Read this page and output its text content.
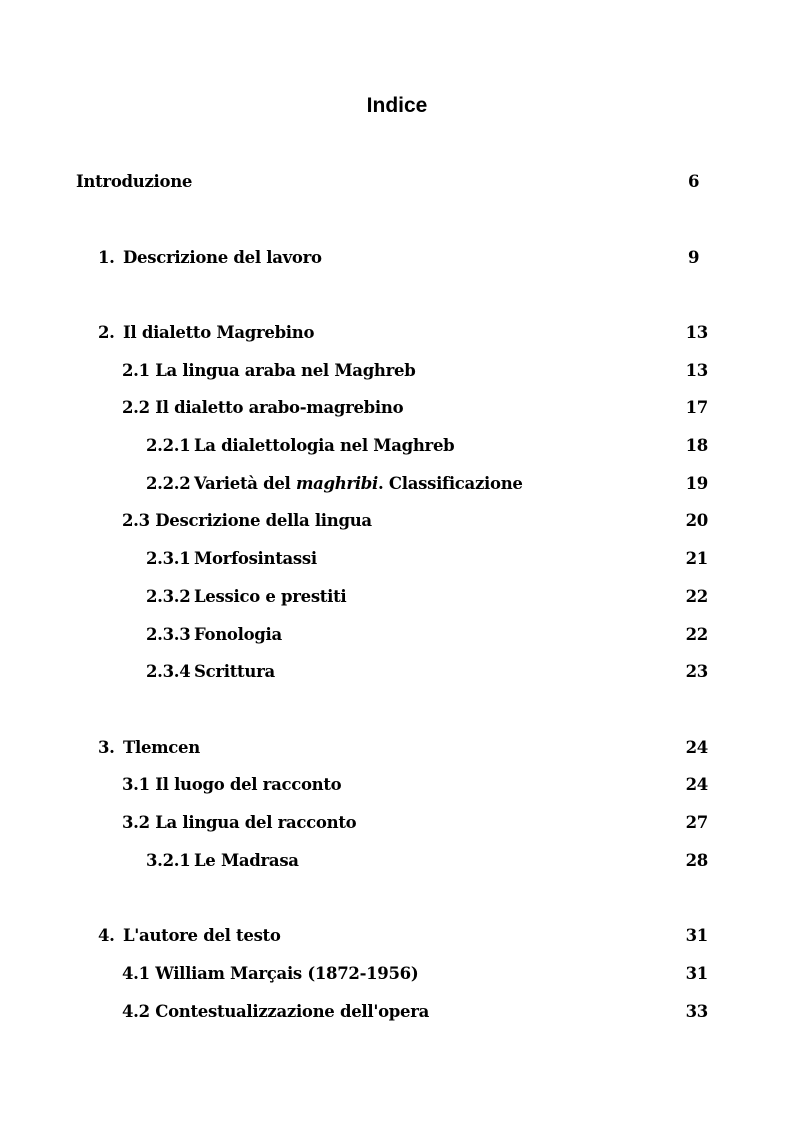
Indice
Introduzione	6
1. Descrizione del lavoro	9
2. Il dialetto Magrebino	13
2.1 La lingua araba nel Maghreb	13
2.2 Il dialetto arabo-magrebino	17
2.2.1 La dialettologia nel Maghreb	18
2.2.2 Varietà del maghribi. Classificazione	19
2.3 Descrizione della lingua	20
2.3.1 Morfosintassi	21
2.3.2 Lessico e prestiti	22
2.3.3 Fonologia	22
2.3.4 Scrittura	23
3. Tlemcen	24
3.1 Il luogo del racconto	24
3.2 La lingua del racconto	27
3.2.1 Le Madrasa	28
4. L'autore del testo	31
4.1 William Marçais (1872-1956)	31
4.2 Contestualizzazione dell'opera	33
